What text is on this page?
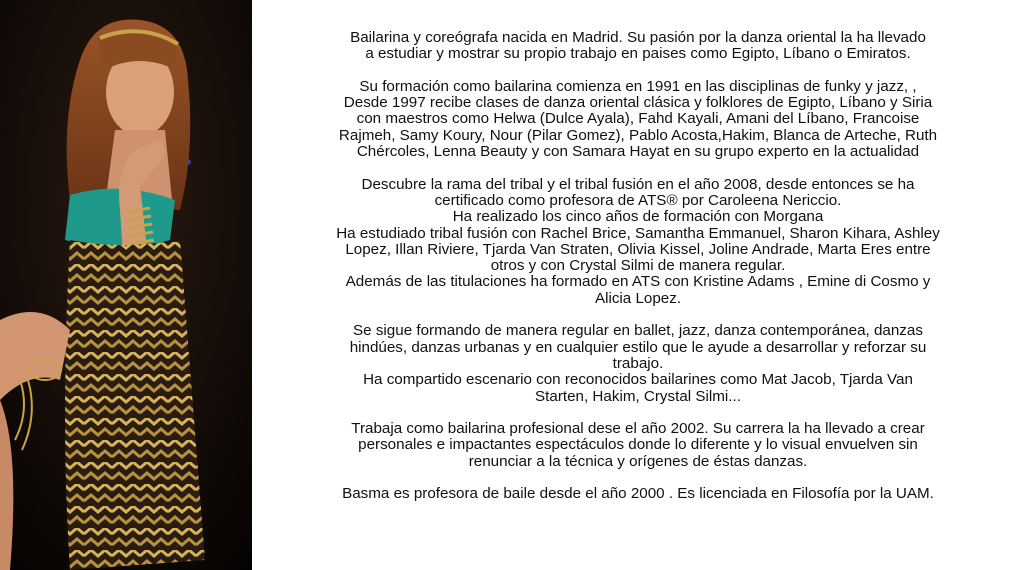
Bailarina y coreógrafa nacida en Madrid. Su pasión por la danza oriental la ha llevado
a estudiar y mostrar su propio trabajo en paises como Egipto, Líbano o Emiratos.

Su formación como bailarina comienza en 1991 en las disciplinas de funky y jazz, ,
Desde 1997 recibe clases de danza oriental clásica y folklores de Egipto, Líbano y Siria
con maestros como Helwa (Dulce Ayala), Fahd Kayali, Amani del Líbano, Francoise
Rajmeh, Samy Koury, Nour (Pilar Gomez), Pablo Acosta,Hakim, Blanca de Arteche, Ruth
Chércoles, Lenna Beauty y con Samara Hayat en su grupo experto en la actualidad

Descubre la rama del tribal y el tribal fusión en el año 2008, desde entonces se ha
certificado como profesora de ATS® por Caroleena Nericcio.
Ha realizado los cinco años de formación con Morgana
Ha estudiado tribal fusión con Rachel Brice, Samantha Emmanuel, Sharon Kihara, Ashley
Lopez, Illan Riviere, Tjarda Van Straten, Olivia Kissel, Joline Andrade, Marta Eres entre
otros y con Crystal Silmi de manera regular.
Además de las titulaciones ha formado en ATS con Kristine Adams , Emine di Cosmo y
Alicia Lopez.

Se sigue formando de manera regular en ballet, jazz, danza contemporánea, danzas
hindúes, danzas urbanas y en cualquier estilo que le ayude a desarrollar y reforzar su
trabajo.
Ha compartido escenario con reconocidos bailarines como Mat Jacob, Tjarda Van
Starten, Hakim, Crystal Silmi...

Trabaja como bailarina profesional dese el año 2002. Su carrera la ha llevado a crear
personales e impactantes espectáculos donde lo diferente y lo visual envuelven sin
renunciar a la técnica y orígenes de éstas danzas.

Basma es profesora de baile desde el año 2000 . Es licenciada en Filosofía por la UAM.
